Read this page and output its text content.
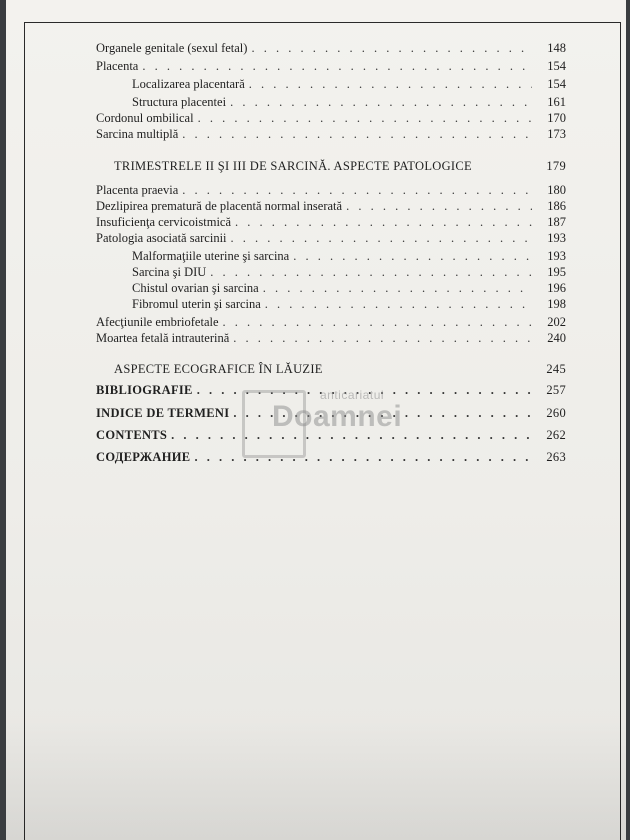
Organele genitale (sexul fetal) . . .	148
Placenta . . .	154
Localizarea placentară . . .	154
Structura placentei . . .	161
Cordonul ombilical . . .	170
Sarcina multiplă . . .	173
TRIMESTRELE II ŞI III DE SARCINĂ. ASPECTE PATOLOGICE	179
Placenta praevia . . .	180
Dezlipirea prematură de placentă normal inserată . . .	186
Insuficienţa cervicoistmică . . .	187
Patologia asociată sarcinii . . .	193
Malformaţiile uterine şi sarcina . . .	193
Sarcina şi DIU . . .	195
Chistul ovarian şi sarcina . . .	196
Fibromul uterin şi sarcina . . .	198
Afecţiunile embriofetale . . .	202
Moartea fetală intrauterină . . .	240
ASPECTE ECOGRAFICE ÎN LĂUZIE	245
BIBLIOGRAFIE . . .	257
INDICE DE TERMENI . . .	260
CONTENTS . . .	262
СОДЕРЖАНИЕ . . .	263
anticariatul
Doamnei
